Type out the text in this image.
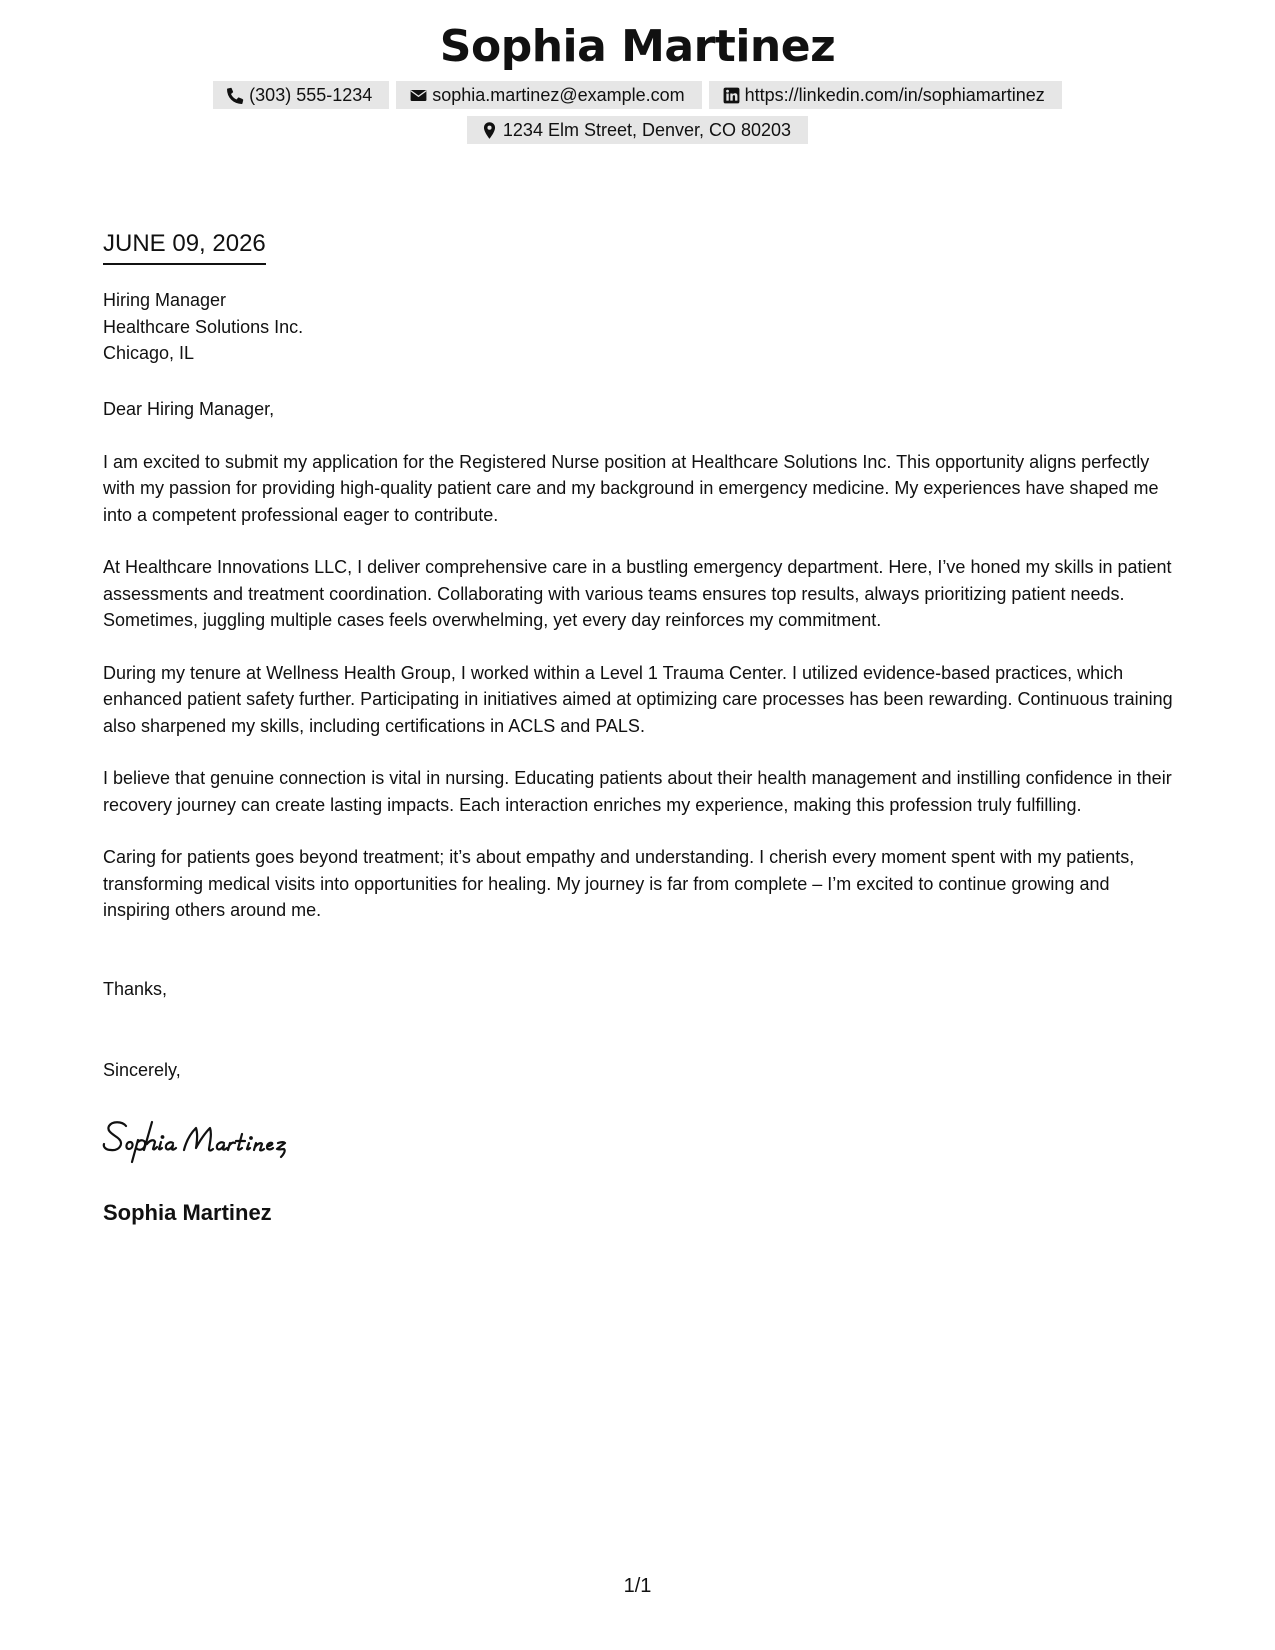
Sophia Martinez
(303) 555-1234	sophia.martinez@example.com	https://linkedin.com/in/sophiamartinez
1234 Elm Street, Denver, CO 80203
JUNE 09, 2026
Hiring Manager
Healthcare Solutions Inc.
Chicago, IL

Dear Hiring Manager,

I am excited to submit my application for the Registered Nurse position at Healthcare Solutions Inc. This opportunity aligns perfectly with my passion for providing high-quality patient care and my background in emergency medicine. My experiences have shaped me into a competent professional eager to contribute.

At Healthcare Innovations LLC, I deliver comprehensive care in a bustling emergency department. Here, I’ve honed my skills in patient assessments and treatment coordination. Collaborating with various teams ensures top results, always prioritizing patient needs. Sometimes, juggling multiple cases feels overwhelming, yet every day reinforces my commitment.

During my tenure at Wellness Health Group, I worked within a Level 1 Trauma Center. I utilized evidence-based practices, which enhanced patient safety further. Participating in initiatives aimed at optimizing care processes has been rewarding. Continuous training also sharpened my skills, including certifications in ACLS and PALS.

I believe that genuine connection is vital in nursing. Educating patients about their health management and instilling confidence in their recovery journey can create lasting impacts. Each interaction enriches my experience, making this profession truly fulfilling.

Caring for patients goes beyond treatment; it’s about empathy and understanding. I cherish every moment spent with my patients, transforming medical visits into opportunities for healing. My journey is far from complete – I’m excited to continue growing and inspiring others around me.

Thanks,
Sincerely,
Sophia Martinez
1/1
